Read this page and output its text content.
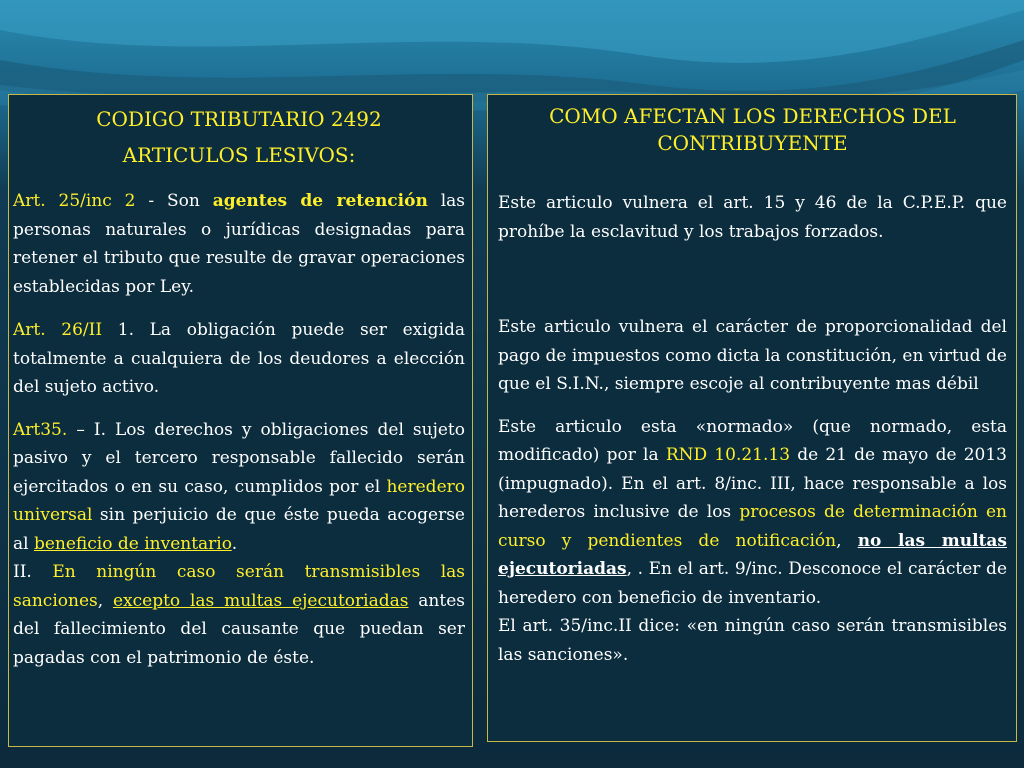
CODIGO TRIBUTARIO 2492

ARTICULOS LESIVOS:

Art. 25/inc 2 - Son agentes de retención las personas naturales o jurídicas designadas para retener el tributo que resulte de gravar operaciones establecidas por Ley.

Art. 26/II 1. La obligación puede ser exigida totalmente a cualquiera de los deudores a elección del sujeto activo.

Art35. – I. Los derechos y obligaciones del sujeto pasivo y el tercero responsable fallecido serán ejercitados o en su caso, cumplidos por el heredero universal sin perjuicio de que éste pueda acogerse al beneficio de inventario.

II. En ningún caso serán transmisibles las sanciones, excepto las multas ejecutoriadas antes del fallecimiento del causante que puedan ser pagadas con el patrimonio de éste.

COMO AFECTAN LOS DERECHOS DEL CONTRIBUYENTE

Este articulo vulnera el art. 15 y 46 de la C.P.E.P. que prohíbe la esclavitud y los trabajos forzados.

Este articulo vulnera el carácter de proporcionalidad del pago de impuestos como dicta la constitución, en virtud de que el S.I.N., siempre escoje al contribuyente mas débil

Este articulo esta «normado» (que normado, esta modificado) por la RND 10.21.13 de 21 de mayo de 2013 (impugnado). En el art. 8/inc. III, hace responsable a los herederos inclusive de los procesos de determinación en curso y pendientes de notificación, no las multas ejecutoriadas, . En el art. 9/inc. Desconoce el carácter de heredero con beneficio de inventario.

El art. 35/inc.II dice: «en ningún caso serán transmisibles las sanciones».
